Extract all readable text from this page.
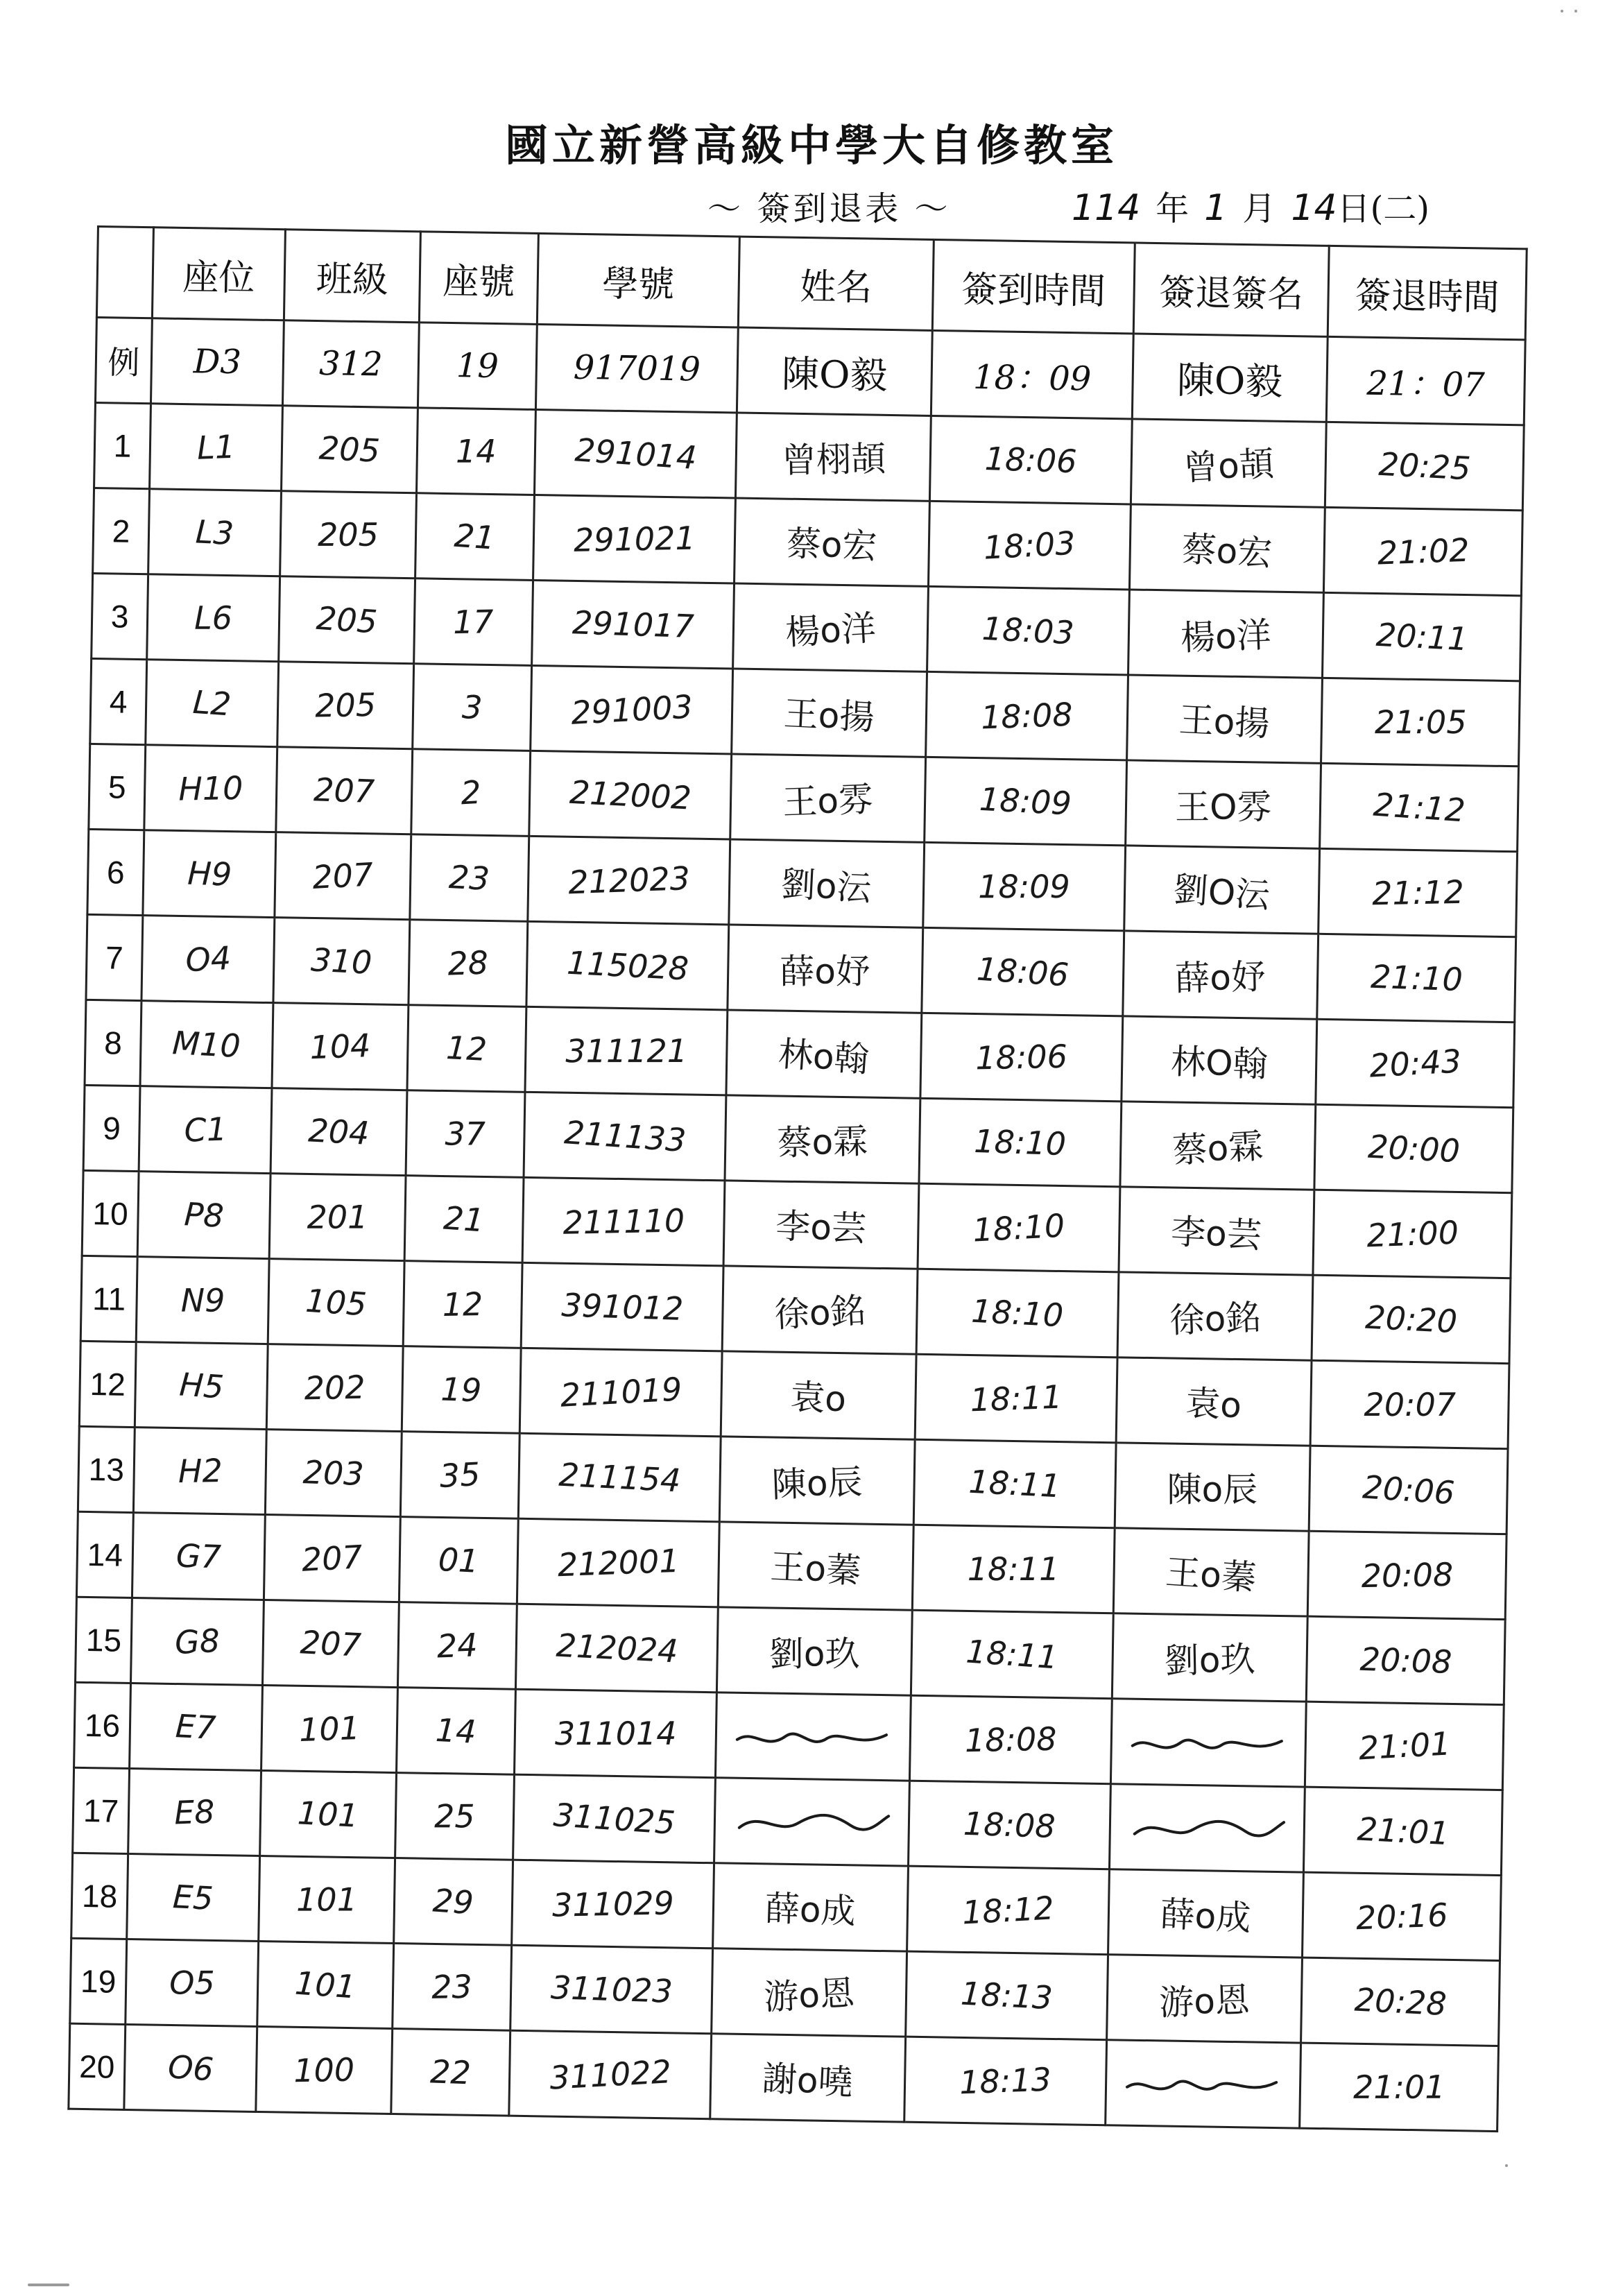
國立新營高級中學大自修教室
～ 簽到退表 ～	114 年 1 月 14日(二)
	座位	班級	座號	學號	姓名	簽到時間	簽退簽名	簽退時間
例	D3	312	19	917019	陳O毅	18：09	陳O毅	21：07
1	L1	205	14	291014	曾栩頡	18:06	曾o頡	20:25
2	L3	205	21	291021	蔡o宏	18:03	蔡o宏	21:02
3	L6	205	17	291017	楊o洋	18:03	楊o洋	20:11
4	L2	205	3	291003	王o揚	18:08	王o揚	21:05
5	H10	207	2	212002	王o雰	18:09	王O雰	21:12
6	H9	207	23	212023	劉o沄	18:09	劉O沄	21:12
7	O4	310	28	115028	薛o妤	18:06	薛o妤	21:10
8	M10	104	12	311121	林o翰	18:06	林O翰	20:43
9	C1	204	37	211133	蔡o霖	18:10	蔡o霖	20:00
10	P8	201	21	211110	李o芸	18:10	李o芸	21:00
11	N9	105	12	391012	徐o銘	18:10	徐o銘	20:20
12	H5	202	19	211019	袁o	18:11	袁o	20:07
13	H2	203	35	211154	陳o辰	18:11	陳o辰	20:06
14	G7	207	01	212001	王o蓁	18:11	王o蓁	20:08
15	G8	207	24	212024	劉o玖	18:11	劉o玖	20:08
16	E7	101	14	311014		18:08		21:01
17	E8	101	25	311025		18:08		21:01
18	E5	101	29	311029	薛o成	18:12	薛o成	20:16
19	O5	101	23	311023	游o恩	18:13	游o恩	20:28
20	O6	100	22	311022	謝o嘵	18:13		21:01
